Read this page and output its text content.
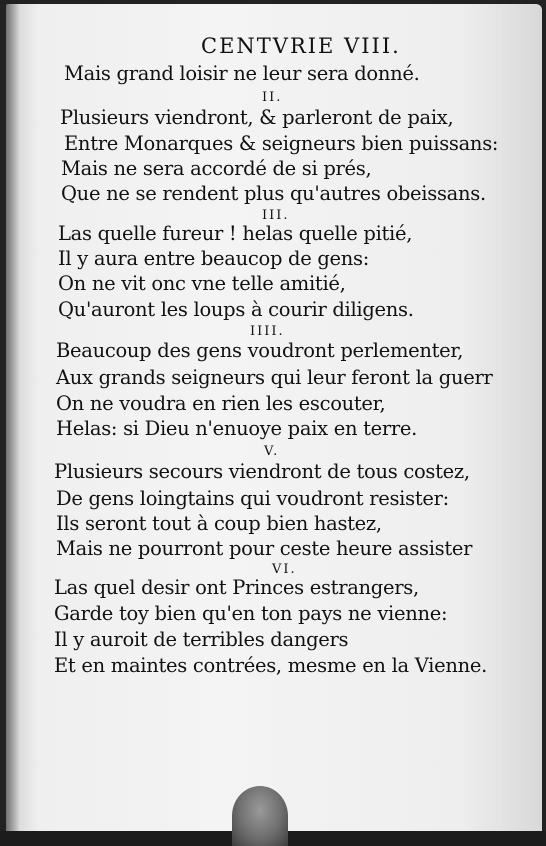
CENTVRIE VIII.
Mais grand loisir ne leur sera donné.
II.
Plusieurs viendront, & parleront de paix,
Entre Monarques & seigneurs bien puissans:
Mais ne sera accordé de si prés,
Que ne se rendent plus qu'autres obeissans.
III.
Las quelle fureur ! helas quelle pitié,
Il y aura entre beaucop de gens:
On ne vit onc vne telle amitié,
Qu'auront les loups à courir diligens.
IIII.
Beaucoup des gens voudront perlementer,
Aux grands seigneurs qui leur feront la guerr
On ne voudra en rien les escouter,
Helas: si Dieu n'enuoye paix en terre.
V.
Plusieurs secours viendront de tous costez,
De gens loingtains qui voudront resister:
Ils seront tout à coup bien hastez,
Mais ne pourront pour ceste heure assister
VI.
Las quel desir ont Princes estrangers,
Garde toy bien qu'en ton pays ne vienne:
Il y auroit de terribles dangers
Et en maintes contrées, mesme en la Vienne.
